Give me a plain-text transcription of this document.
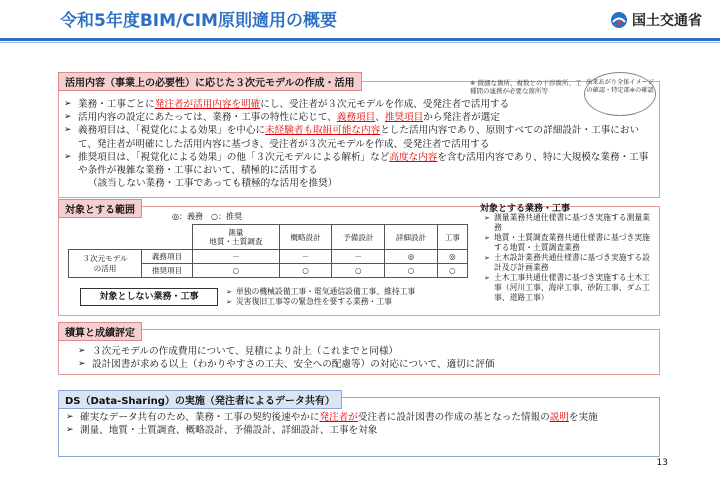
令和5年度BIM/CIM原則適用の概要	国土交通省
活用内容（事業上の必要性）に応じた３次元モデルの作成・活用	※ 微細な箇所、複数との干渉箇所、工種間の連携が必要な箇所等
出来あがり全体イメージの確認・特定部※の確認
➢ 業務・工事ごとに発注者が活用内容を明確にし、受注者が３次元モデルを作成、受発注者で活用する
➢ 活用内容の設定にあたっては、業務・工事の特性に応じて、義務項目、推奨項目から発注者が選定
➢ 義務項目は、「視覚化による効果」を中心に未経験者も取組可能な内容とした活用内容であり、原則すべての詳細設計・工事において、発注者が明確にした活用内容に基づき、受注者が３次元モデルを作成、受発注者で活用する
➢ 推奨項目は、「視覚化による効果」の他「３次元モデルによる解析」など高度な内容を含む活用内容であり、特に大規模な業務・工事や条件が複雑な業務・工事において、積極的に活用する
（該当しない業務・工事であっても積極的な活用を推奨）
対象とする範囲
◎：義務　○：推奨
		測量
地質・土質調査	概略設計	予備設計	詳細設計	工事
３次元モデル
の活用	義務項目	－	－	－	◎	◎
	推奨項目	○	○	○	○	○
対象としない業務・工事
➢ 単独の機械設備工事・電気通信設備工事、維持工事
➢ 災害復旧工事等の緊急性を要する業務・工事
対象とする業務・工事
➢ 測量業務共通仕様書に基づき実施する測量業務
➢ 地質・土質調査業務共通仕様書に基づき実施する地質・土質調査業務
➢ 土木設計業務共通仕様書に基づき実施する設計及び計画業務
➢ 土木工事共通仕様書に基づき実施する土木工事（河川工事、海岸工事、砂防工事、ダム工事、道路工事）
積算と成績評定
➢ ３次元モデルの作成費用について、見積により計上（これまでと同様）
➢ 設計図書が求める以上（わかりやすさの工夫、安全への配慮等）の対応について、適切に評価
DS（Data-Sharing）の実施（発注者によるデータ共有）
➢ 確実なデータ共有のため、業務・工事の契約後速やかに発注者が受注者に設計図書の作成の基となった情報の説明を実施
➢ 測量、地質・土質調査、概略設計、予備設計、詳細設計、工事を対象
13
